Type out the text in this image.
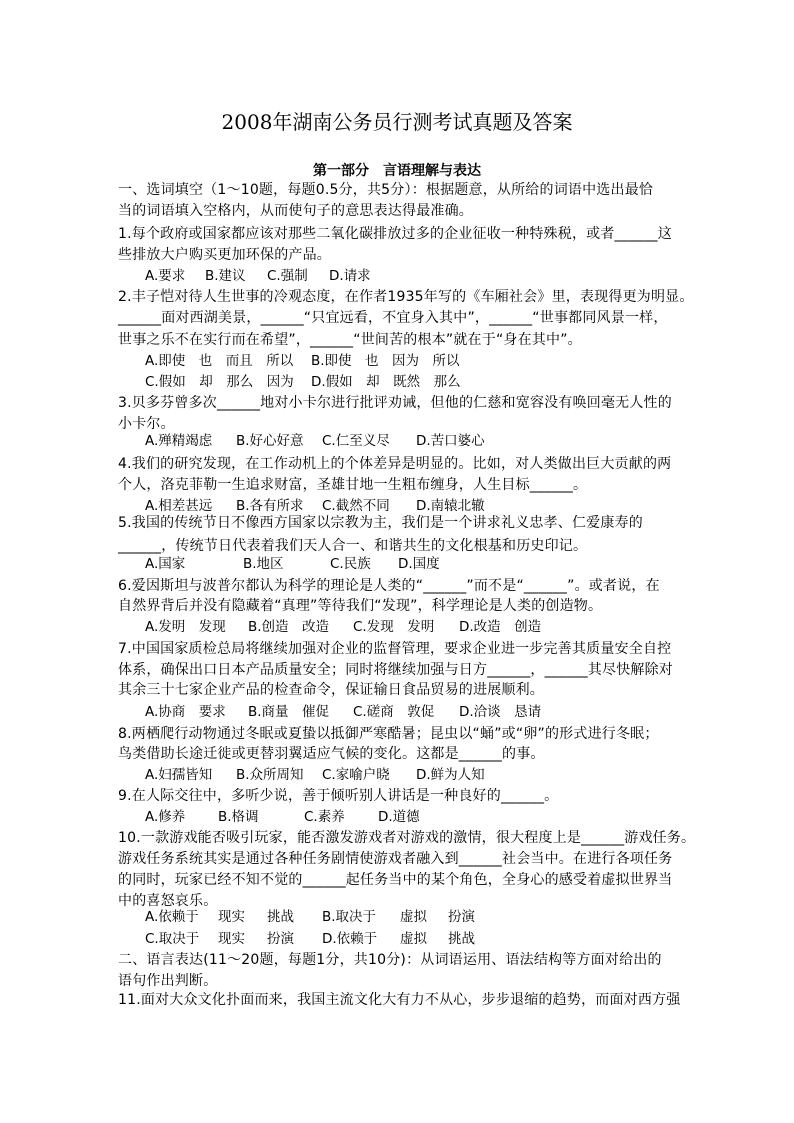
2008年湖南公务员行测考试真题及答案
第一部分　言语理解与表达
一、选词填空（1～10题，每题0.5分，共5分）：根据题意，从所给的词语中选出最恰
当的词语填入空格内，从而使句子的意思表达得最准确。
1.每个政府或国家都应该对那些二氧化碳排放过多的企业征收一种特殊税，或者______这
些排放大户购买更加环保的产品。
A.要求 B.建议 C.强制 D.请求
2.丰子恺对待人生世事的冷观态度，在作者1935年写的《车厢社会》里，表现得更为明显。
______面对西湖美景，______“只宜远看，不宜身入其中”，______“世事都同风景一样，
世事之乐不在实行而在希望”，______“世间苦的根本”就在于“身在其中”。
A.即使　也　而且　所以 B.即使　也　因为　所以
C.假如　却　那么　因为 D.假如　却　既然　那么
3.贝多芬曾多次______地对小卡尔进行批评劝诫，但他的仁慈和宽容没有唤回毫无人性的
小卡尔。
A.殚精竭虑 B.好心好意 C.仁至义尽 D.苦口婆心
4.我们的研究发现，在工作动机上的个体差异是明显的。比如，对人类做出巨大贡献的两
个人，洛克菲勒一生追求财富，圣雄甘地一生粗布缠身，人生目标______。
A.相差甚远 B.各有所求 C.截然不同 D.南辕北辙
5.我国的传统节日不像西方国家以宗教为主，我们是一个讲求礼义忠孝、仁爱康寿的
______，传统节日代表着我们天人合一、和谐共生的文化根基和历史印记。
A.国家	B.地区	C.民族 D.国度
6.爱因斯坦与波普尔都认为科学的理论是人类的“______”而不是“______”。或者说，在
自然界背后并没有隐藏着“真理”等待我们“发现”，科学理论是人类的创造物。
A.发明　发现 B.创造　改造 C.发现　发明 D.改造　创造
7.中国国家质检总局将继续加强对企业的监督管理，要求企业进一步完善其质量安全自控
体系，确保出口日本产品质量安全；同时将继续加强与日方______，______其尽快解除对
其余三十七家企业产品的检查命令，保证输日食品贸易的进展顺利。
A.协商　要求 B.商量　催促 C.磋商　敦促 D.洽谈　恳请
8.两栖爬行动物通过冬眠或夏蛰以抵御严寒酷暑；昆虫以“蛹”或“卵”的形式进行冬眠；
鸟类借助长途迁徙或更替羽翼适应气候的变化。这都是______的事。
A.妇孺皆知 B.众所周知 C.家喻户晓 D.鲜为人知
9.在人际交往中，多听少说，善于倾听别人讲话是一种良好的______。
A.修养 B.格调	C.素养 D.道德
10.一款游戏能否吸引玩家，能否激发游戏者对游戏的激情，很大程度上是______游戏任务。
游戏任务系统其实是通过各种任务剧情使游戏者融入到______社会当中。在进行各项任务
的同时，玩家已经不知不觉的______起任务当中的某个角色，全身心的感受着虚拟世界当
中的喜怒哀乐。
A.依赖于 现实 挑战 B.取决于 虚拟 扮演
C.取决于 现实 扮演 D.依赖于 虚拟 挑战
二、语言表达(11～20题，每题1分，共10分)：从词语运用、语法结构等方面对给出的
语句作出判断。
11.面对大众文化扑面而来，我国主流文化大有力不从心，步步退缩的趋势，而面对西方强
